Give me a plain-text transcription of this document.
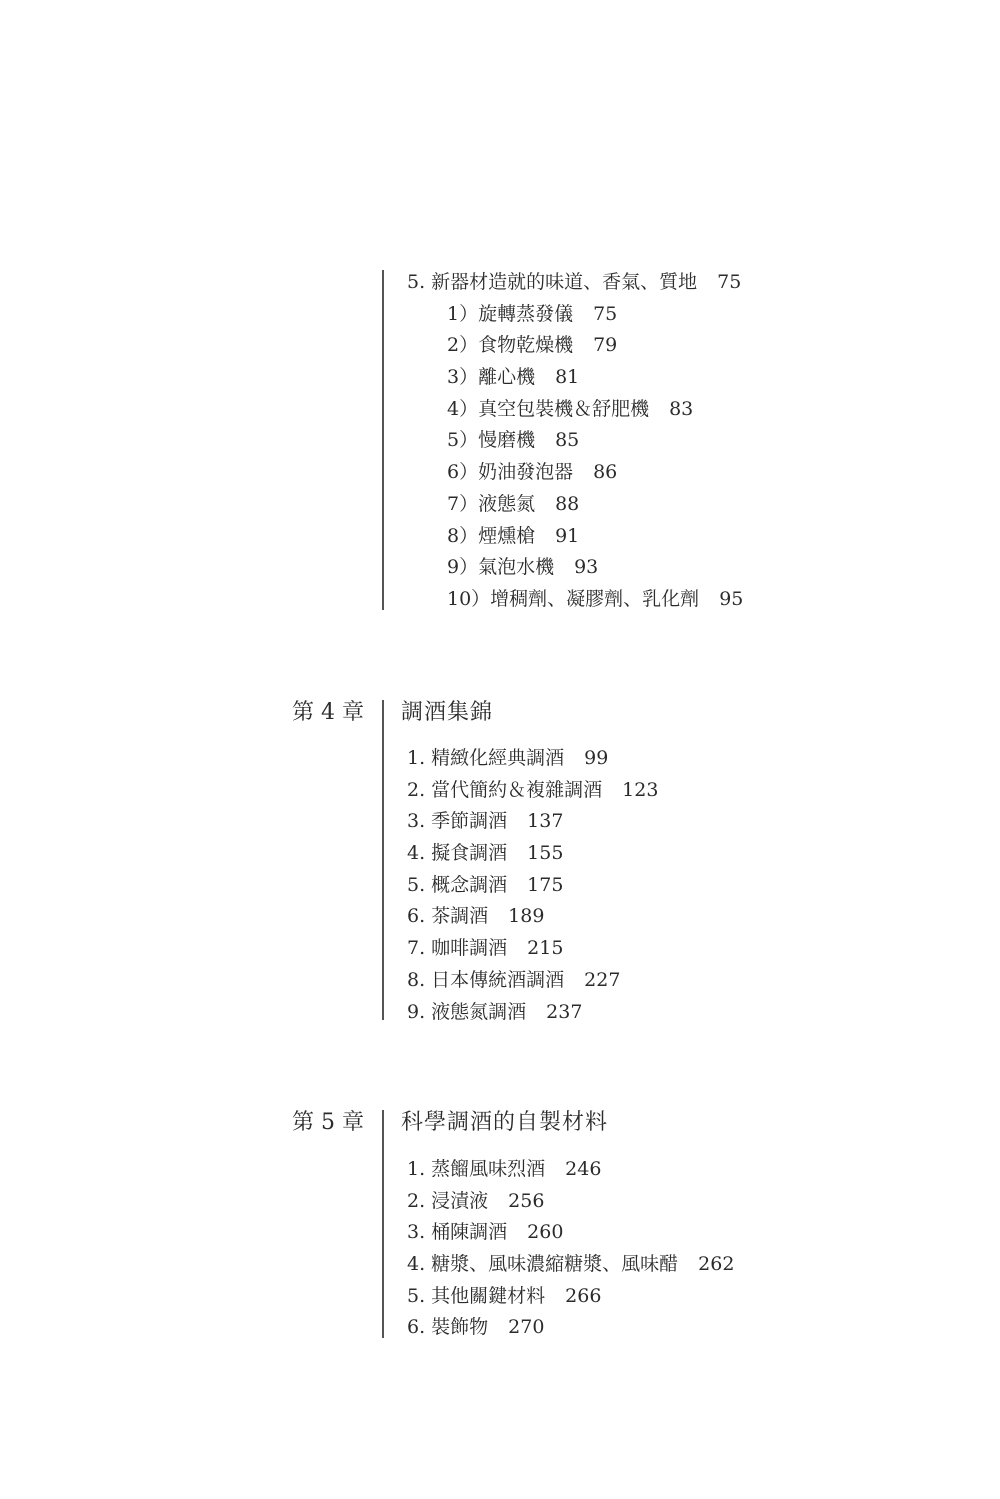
5. 新器材造就的味道、香氣、質地 75
1）旋轉蒸發儀 75
2）食物乾燥機 79
3）離心機 81
4）真空包裝機＆舒肥機 83
5）慢磨機 85
6）奶油發泡器 86
7）液態氮 88
8）煙燻槍 91
9）氣泡水機 93
10）增稠劑、凝膠劑、乳化劑 95
第 4 章 調酒集錦
1. 精緻化經典調酒 99
2. 當代簡約＆複雜調酒 123
3. 季節調酒 137
4. 擬食調酒 155
5. 概念調酒 175
6. 茶調酒 189
7. 咖啡調酒 215
8. 日本傳統酒調酒 227
9. 液態氮調酒 237
第 5 章 科學調酒的自製材料
1. 蒸餾風味烈酒 246
2. 浸漬液 256
3. 桶陳調酒 260
4. 糖漿、風味濃縮糖漿、風味醋 262
5. 其他關鍵材料 266
6. 裝飾物 270
